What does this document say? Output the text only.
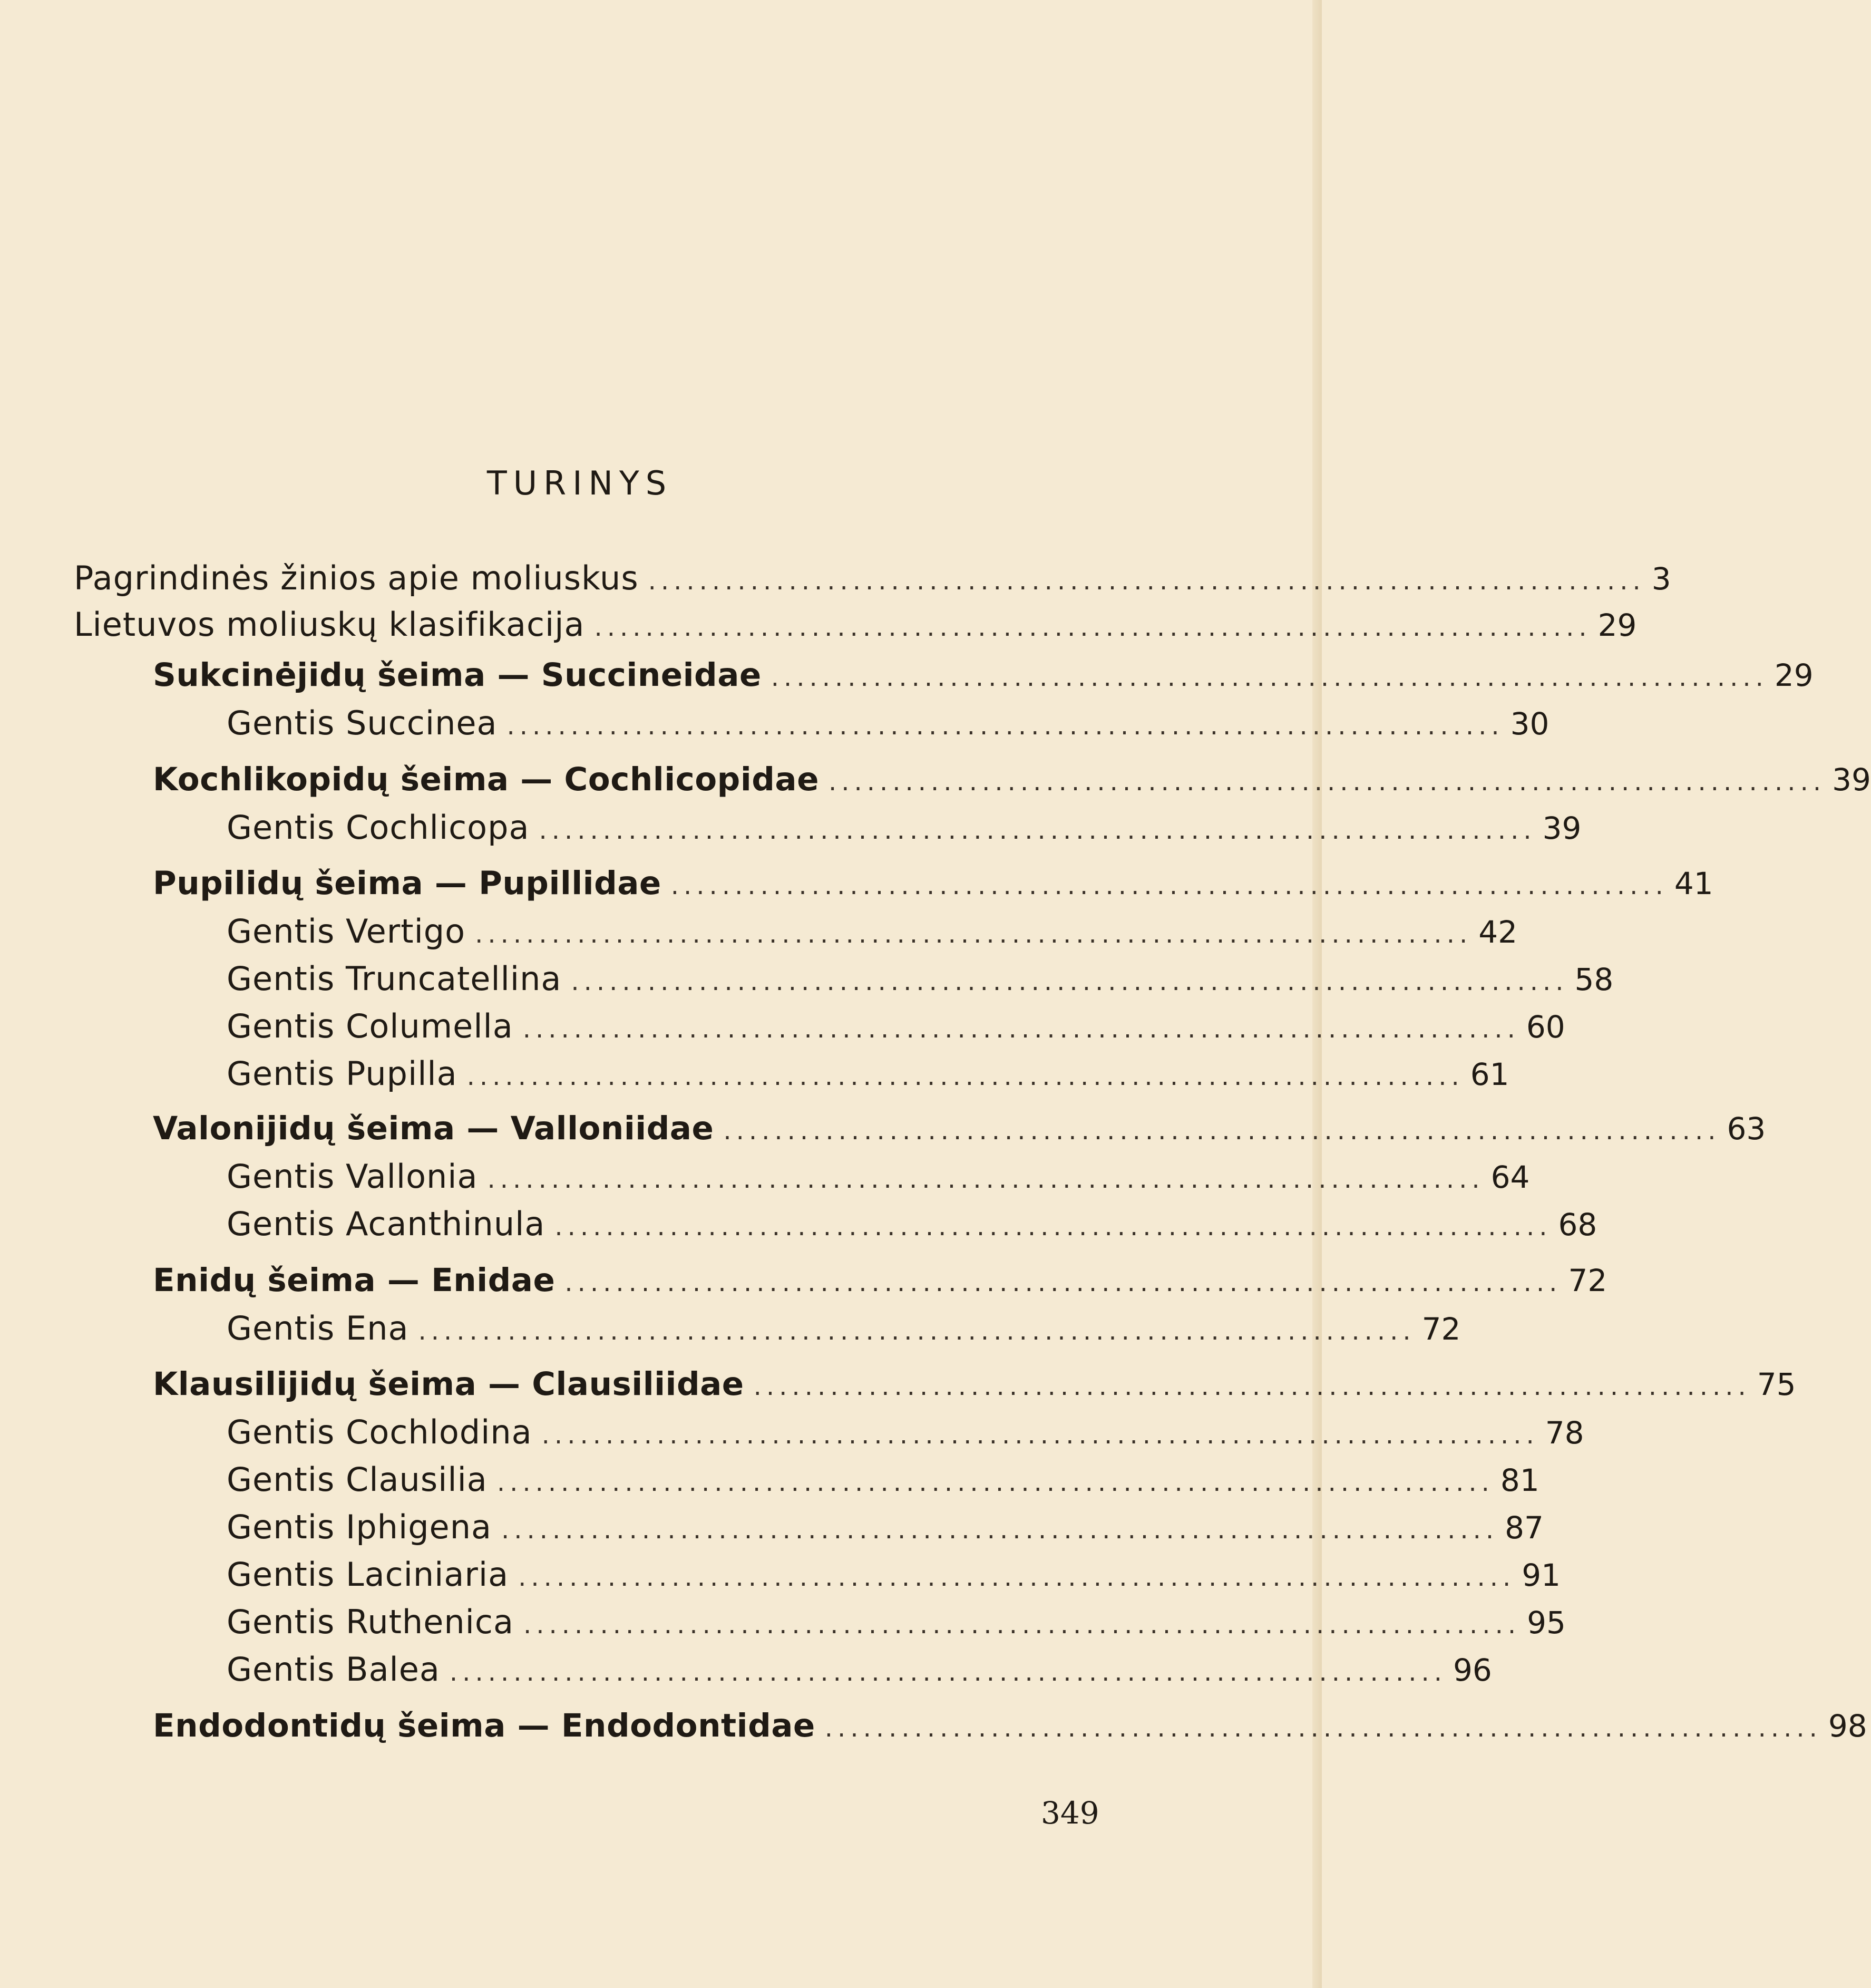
TURINYS
Pagrindinės žinios apie moliuskus .............................................................................. 3
Lietuvos moliuskų klasifikacija .............................................................................. 29
Sukcinėjidų šeima — Succineidae .............................................................................. 29
Gentis Succinea .............................................................................. 30
Kochlikopidų šeima — Cochlicopidae .............................................................................. 39
Gentis Cochlicopa .............................................................................. 39
Pupilidų šeima — Pupillidae .............................................................................. 41
Gentis Vertigo .............................................................................. 42
Gentis Truncatellina .............................................................................. 58
Gentis Columella .............................................................................. 60
Gentis Pupilla .............................................................................. 61
Valonijidų šeima — Valloniidae .............................................................................. 63
Gentis Vallonia .............................................................................. 64
Gentis Acanthinula .............................................................................. 68
Enidų šeima — Enidae .............................................................................. 72
Gentis Ena .............................................................................. 72
Klausilijidų šeima — Clausiliidae .............................................................................. 75
Gentis Cochlodina .............................................................................. 78
Gentis Clausilia .............................................................................. 81
Gentis Iphigena .............................................................................. 87
Gentis Laciniaria .............................................................................. 91
Gentis Ruthenica .............................................................................. 95
Gentis Balea .............................................................................. 96
Endodontidų šeima — Endodontidae .............................................................................. 98
349
